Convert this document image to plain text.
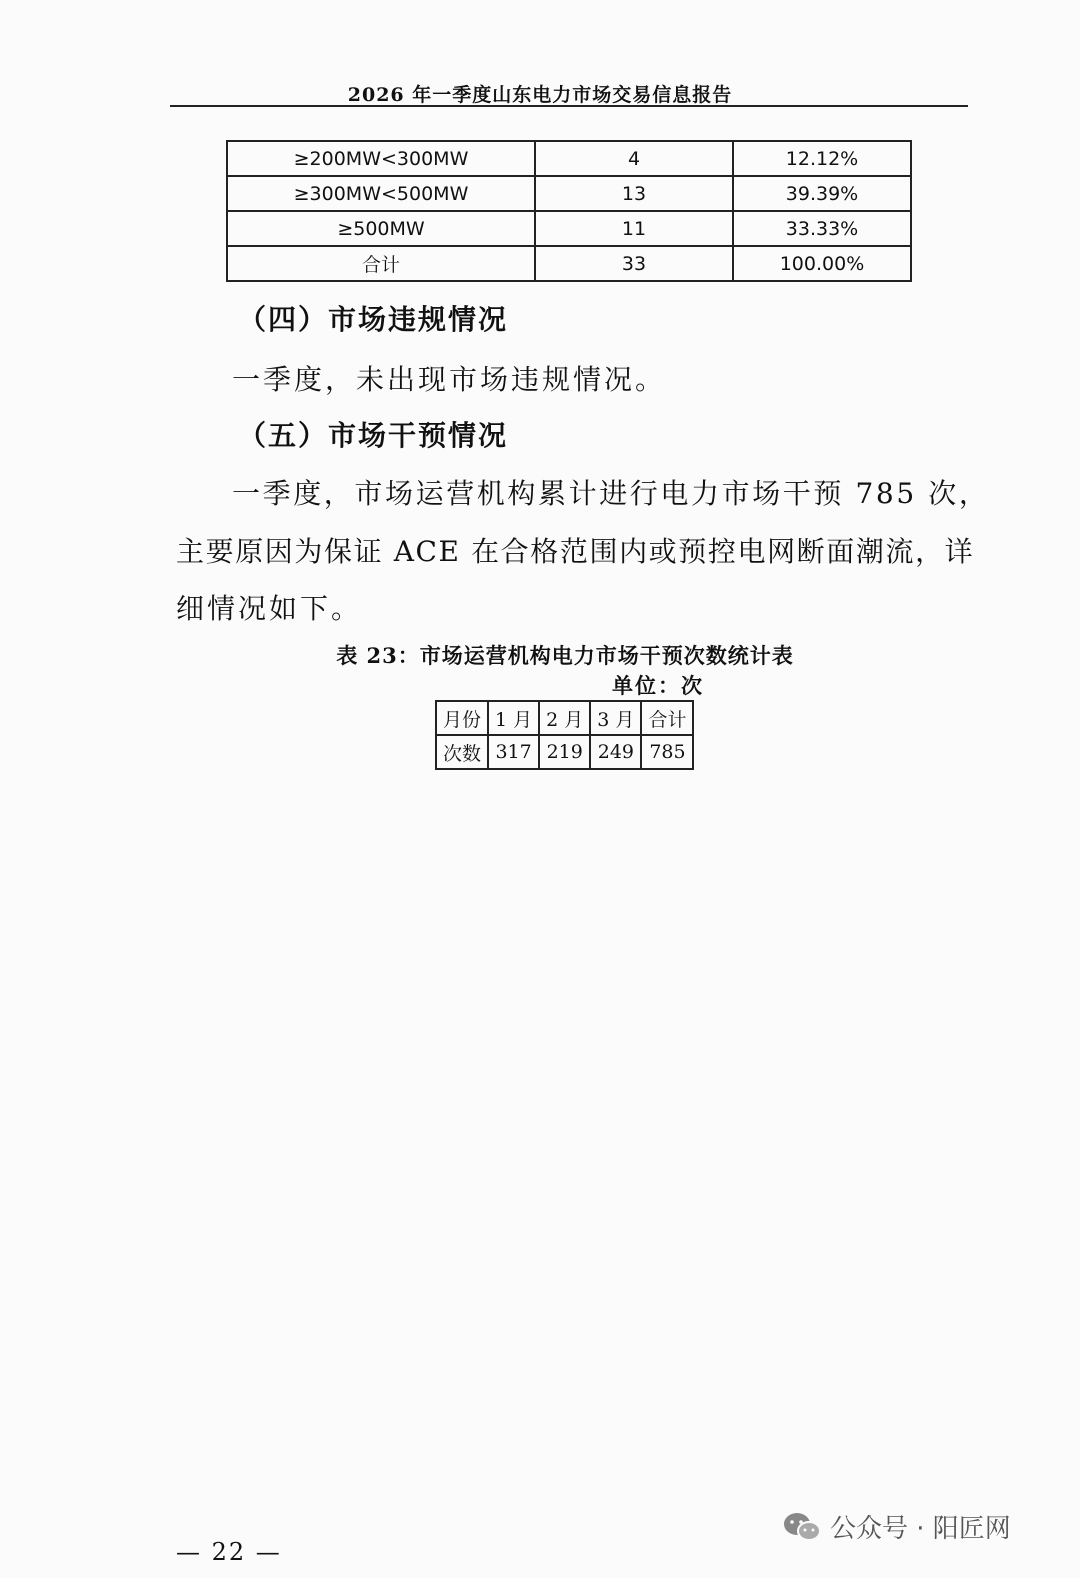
2026 年一季度山东电力市场交易信息报告
≥200MW<300MW	4	12.12%
≥300MW<500MW	13	39.39%
≥500MW	11	33.33%
合计	33	100.00%
（四）市场违规情况
一季度，未出现市场违规情况。
（五）市场干预情况
一季度，市场运营机构累计进行电力市场干预 785 次，
主要原因为保证 ACE 在合格范围内或预控电网断面潮流，详
细情况如下。
表 23：市场运营机构电力市场干预次数统计表
单位：次
月份	1 月	2 月	3 月	合计
次数	317	219	249	785
公众号 · 阳匠网
— 22 —
